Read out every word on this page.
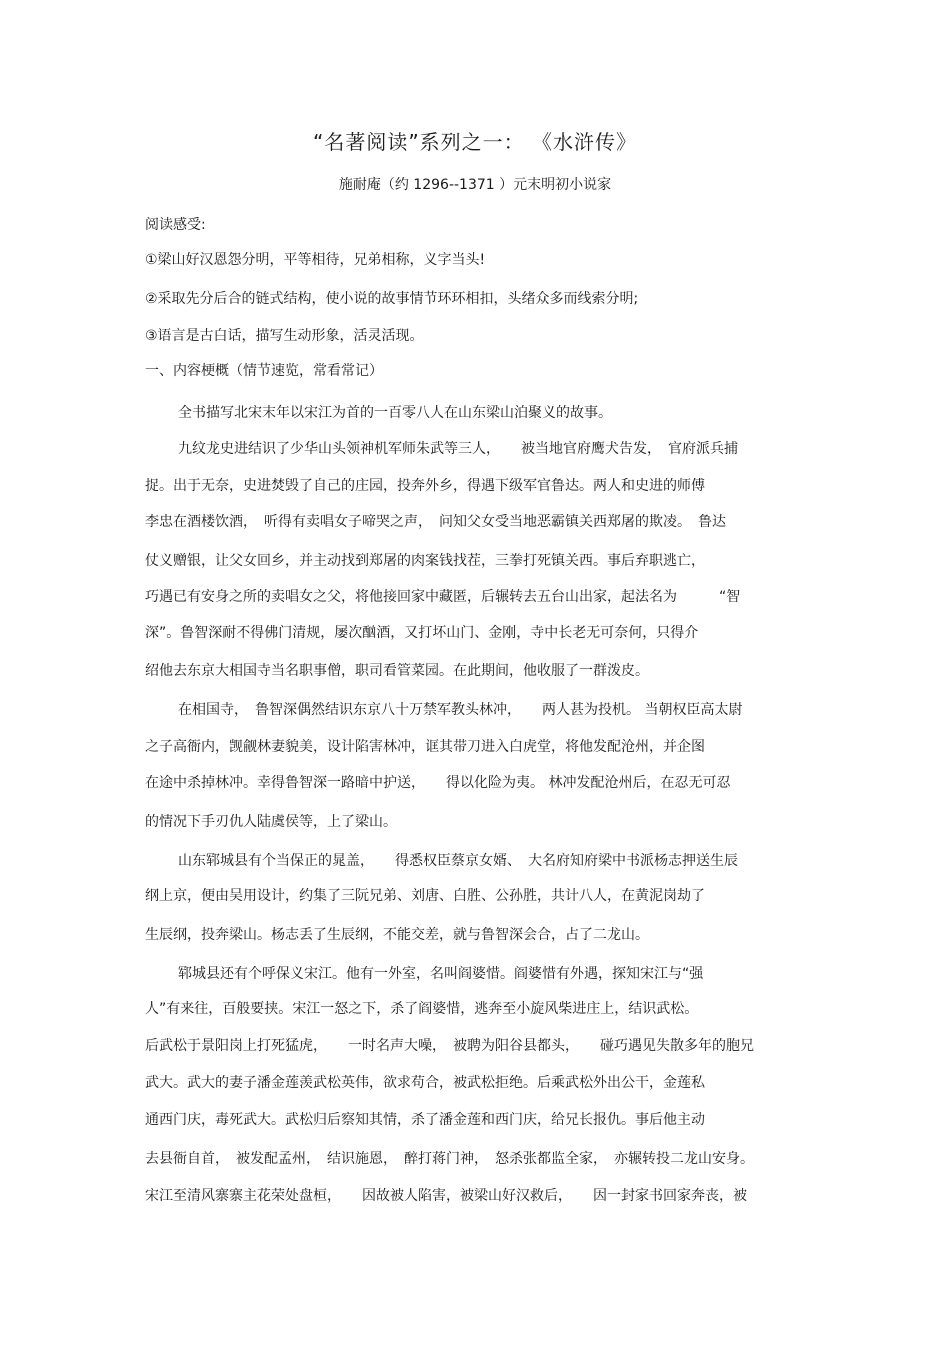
“名著阅读”系列之一： 《水浒传》
施耐庵（约 1296--1371 ）元末明初小说家
阅读感受:
①梁山好汉恩怨分明，平等相待，兄弟相称，义字当头!
②采取先分后合的链式结构，使小说的故事情节环环相扣，头绪众多而线索分明;
③语言是古白话，描写生动形象，活灵活现。
一、内容梗概（情节速览，常看常记）
全书描写北宋末年以宋江为首的一百零八人在山东梁山泊聚义的故事。
九纹龙史进结识了少华山头领神机军师朱武等三人，　　被当地官府鹰犬告发，　官府派兵捕
捉。出于无奈，史进焚毁了自己的庄园，投奔外乡，得遇下级军官鲁达。两人和史进的师傅
李忠在酒楼饮酒，　听得有卖唱女子啼哭之声，　问知父女受当地恶霸镇关西郑屠的欺凌。　鲁达
仗义赠银，让父女回乡，并主动找到郑屠的肉案钱找茬，三拳打死镇关西。事后弃职逃亡，
巧遇已有安身之所的卖唱女之父，将他接回家中藏匿，后辗转去五台山出家，起法名为　　　“智
深”。鲁智深耐不得佛门清规，屡次酗酒，又打坏山门、金刚，寺中长老无可奈何，只得介
绍他去东京大相国寺当名职事僧，职司看管菜园。在此期间，他收服了一群泼皮。
在相国寺，　鲁智深偶然结识东京八十万禁军教头林冲，　　两人甚为投机。 当朝权臣高太尉
之子高衙内，觊觎林妻貌美，设计陷害林冲，诓其带刀进入白虎堂，将他发配沧州，并企图
在途中杀掉林冲。幸得鲁智深一路暗中护送，　　得以化险为夷。 林冲发配沧州后，在忍无可忍
的情况下手刃仇人陆虞侯等，上了梁山。
山东郓城县有个当保正的晁盖，　　得悉权臣蔡京女婿、　大名府知府梁中书派杨志押送生辰
纲上京，便由吴用设计，约集了三阮兄弟、刘唐、白胜、公孙胜，共计八人，在黄泥岗劫了
生辰纲，投奔梁山。杨志丢了生辰纲，不能交差，就与鲁智深会合，占了二龙山。
郓城县还有个呼保义宋江。他有一外室，名叫阎婆惜。阎婆惜有外遇，探知宋江与“强
人”有来往，百般要挟。宋江一怒之下，杀了阎婆惜，逃奔至小旋风柴进庄上，结识武松。
后武松于景阳岗上打死猛虎，　　一时名声大噪，　被聘为阳谷县都头，　　碰巧遇见失散多年的胞兄
武大。武大的妻子潘金莲羡武松英伟，欲求苟合，被武松拒绝。后乘武松外出公干，金莲私
通西门庆，毒死武大。武松归后察知其情，杀了潘金莲和西门庆，给兄长报仇。事后他主动
去县衙自首，　被发配孟州，　结识施恩，　醉打蒋门神，　怒杀张都监全家，　亦辗转投二龙山安身。
宋江至清风寨寨主花荣处盘桓，　　因故被人陷害，被梁山好汉救后，　　因一封家书回家奔丧，被
